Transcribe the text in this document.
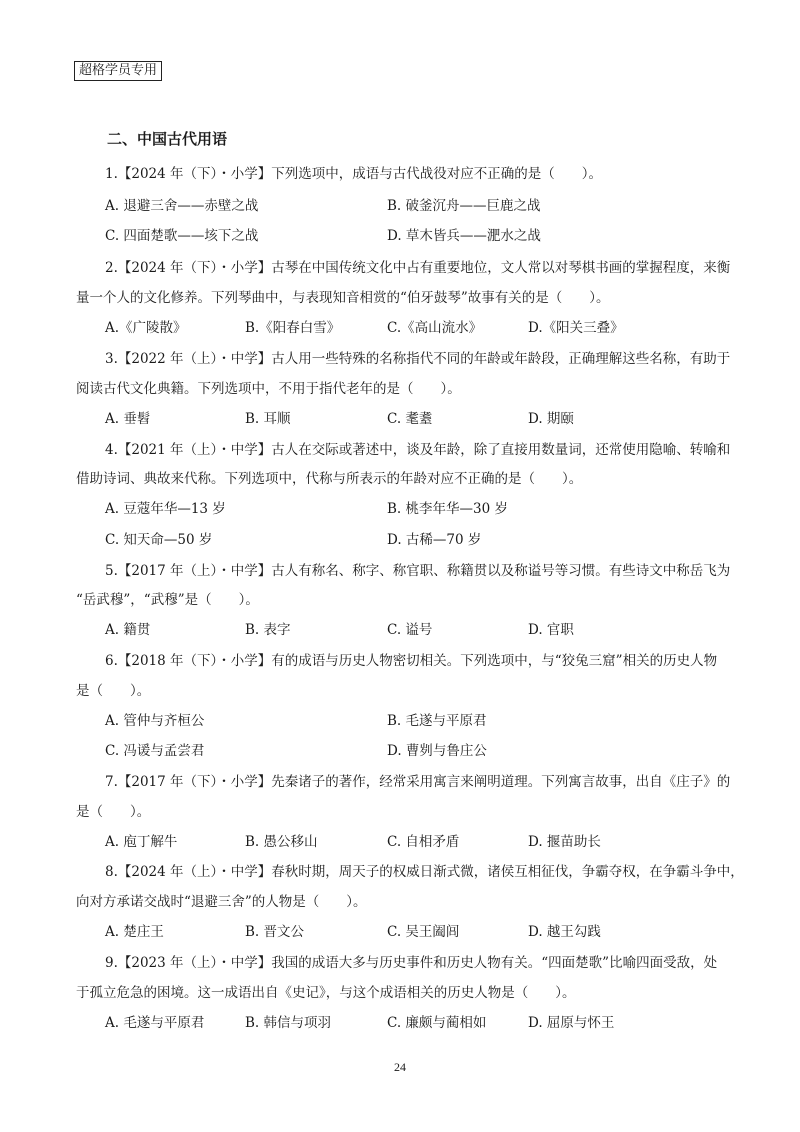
超格学员专用
二、中国古代用语
1.【2024 年（下）・小学】下列选项中，成语与古代战役对应不正确的是（　　）。
A. 退避三舍——赤壁之战	B. 破釜沉舟——巨鹿之战
C. 四面楚歌——垓下之战	D. 草木皆兵——淝水之战
2.【2024 年（下）・小学】古琴在中国传统文化中占有重要地位，文人常以对琴棋书画的掌握程度，来衡
量一个人的文化修养。下列琴曲中，与表现知音相赏的“伯牙鼓琴”故事有关的是（　　）。
A.《广陵散》	B.《阳春白雪》	C.《高山流水》	D.《阳关三叠》
3.【2022 年（上）・中学】古人用一些特殊的名称指代不同的年龄或年龄段，正确理解这些名称，有助于
阅读古代文化典籍。下列选项中，不用于指代老年的是（　　）。
A. 垂髫	B. 耳顺	C. 耄耋	D. 期颐
4.【2021 年（上）・中学】古人在交际或著述中，谈及年龄，除了直接用数量词，还常使用隐喻、转喻和
借助诗词、典故来代称。下列选项中，代称与所表示的年龄对应不正确的是（　　）。
A. 豆蔻年华—13 岁	B. 桃李年华—30 岁
C. 知天命—50 岁	D. 古稀—70 岁
5.【2017 年（上）・中学】古人有称名、称字、称官职、称籍贯以及称谥号等习惯。有些诗文中称岳飞为
“岳武穆”，“武穆”是（　　）。
A. 籍贯	B. 表字	C. 谥号	D. 官职
6.【2018 年（下）・小学】有的成语与历史人物密切相关。下列选项中，与“狡兔三窟”相关的历史人物
是（　　）。
A. 管仲与齐桓公	B. 毛遂与平原君
C. 冯谖与孟尝君	D. 曹刿与鲁庄公
7.【2017 年（下）・小学】先秦诸子的著作，经常采用寓言来阐明道理。下列寓言故事，出自《庄子》的
是（　　）。
A. 庖丁解牛	B. 愚公移山	C. 自相矛盾	D. 揠苗助长
8.【2024 年（上）・中学】春秋时期，周天子的权威日渐式微，诸侯互相征伐，争霸夺权，在争霸斗争中，
向对方承诺交战时“退避三舍”的人物是（　　）。
A. 楚庄王	B. 晋文公	C. 吴王阖闾	D. 越王勾践
9.【2023 年（上）・中学】我国的成语大多与历史事件和历史人物有关。“四面楚歌”比喻四面受敌，处
于孤立危急的困境。这一成语出自《史记》，与这个成语相关的历史人物是（　　）。
A. 毛遂与平原君	B. 韩信与项羽	C. 廉颇与蔺相如	D. 屈原与怀王
24
